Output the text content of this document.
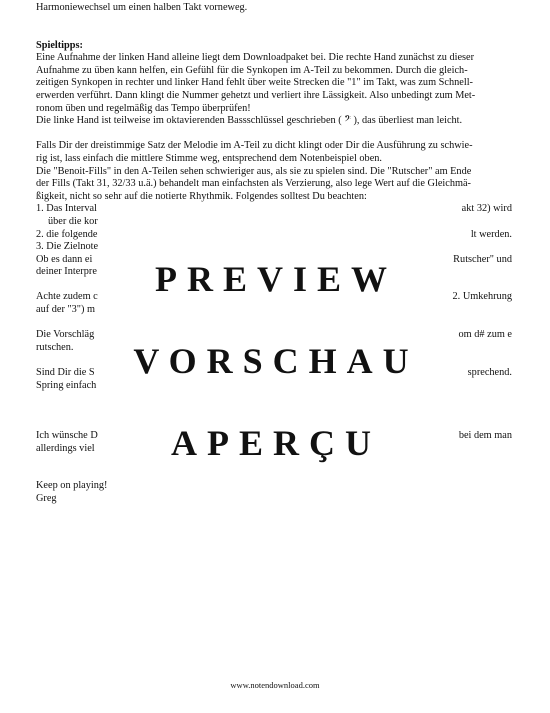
Harmoniewechsel um einen halben Takt vorneweg.

Spieltipps:

Eine Aufnahme der linken Hand alleine liegt dem Downloadpaket bei. Die rechte Hand zunächst zu dieser

Aufnahme zu üben kann helfen, ein Gefühl für die Synkopen im A-Teil zu bekommen. Durch die gleich-

zeitigen Synkopen in rechter und linker Hand fehlt über weite Strecken die "1" im Takt, was zum Schnell-

erwerden verführt. Dann klingt die Nummer gehetzt und verliert ihre Lässigkeit. Also unbedingt zum Met-

ronom üben und regelmäßig das Tempo überprüfen!

Die linke Hand ist teilweise im oktavierenden Bassschlüssel geschrieben ( 𝄢 ), das überliest man leicht.

Falls Dir der dreistimmige Satz der Melodie im A-Teil zu dicht klingt oder Dir die Ausführung zu schwie-

rig ist, lass einfach die mittlere Stimme weg, entsprechend dem Notenbeispiel oben.

Die "Benoit-Fills" in den A-Teilen sehen schwieriger aus, als sie zu spielen sind. Die "Rutscher" am Ende

der Fills (Takt 31, 32/33 u.ä.) behandelt man einfachsten als Verzierung, also lege Wert auf die Gleichmä-

ßigkeit, nicht so sehr auf die notierte Rhythmik. Folgendes solltest Du beachten:

1. Das Interval	akt 32) wird
über die kor
2. die folgende	lt werden.
3. Die Zielnote
Ob es dann ei	Rutscher" und
deiner Interpre
Achte zudem c	2. Umkehrung
auf der "3") m
Die Vorschläg	om d# zum e
rutschen.
Sind Dir die S	sprechend.
Spring einfach
Ich wünsche D	bei dem man
allerdings viel

Keep on playing!

Greg

PREVIEW
VORSCHAU
APERÇU
www.notendownload.com
